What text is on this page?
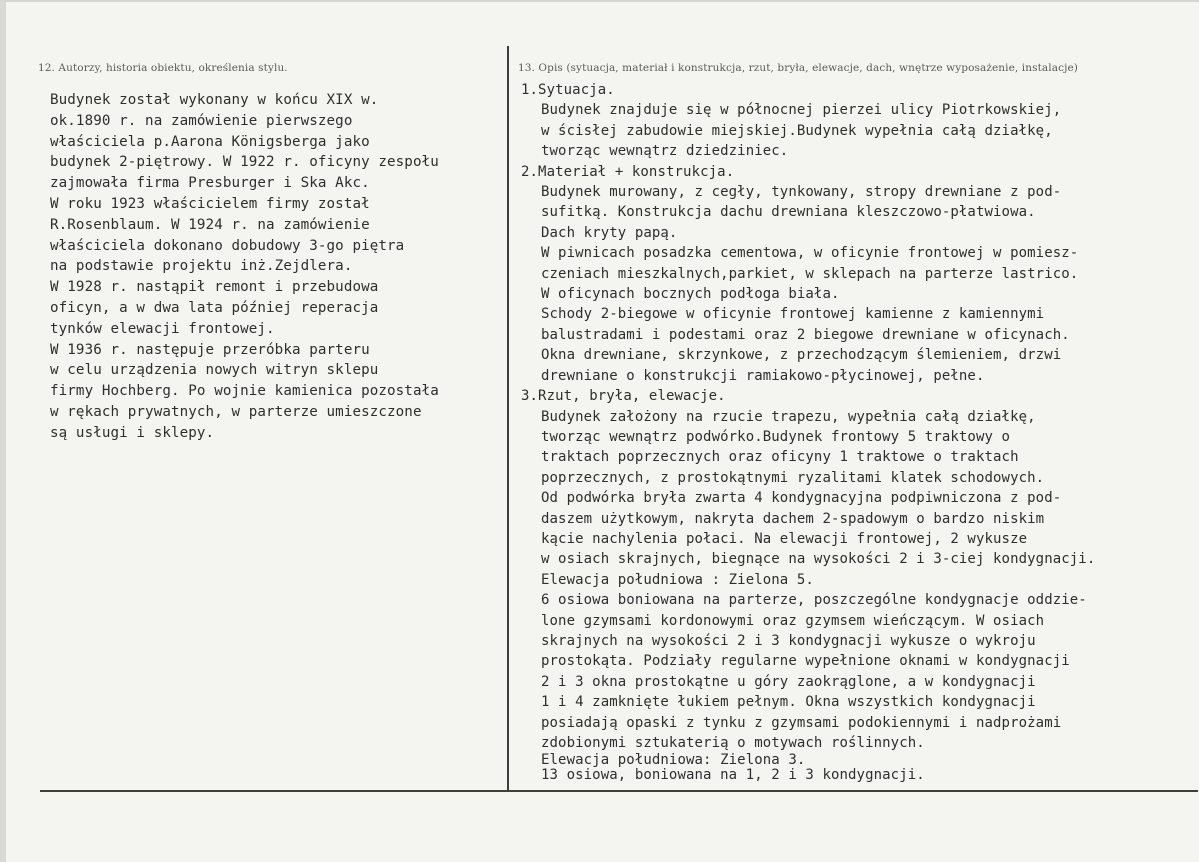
12. Autorzy, historia obiektu, określenia stylu.	13. Opis (sytuacja, materiał i konstrukcja, rzut, bryła, elewacje, dach, wnętrze wyposażenie, instalacje)
Budynek został wykonany w końcu XIX w.
ok.1890 r. na zamówienie pierwszego
właściciela p.Aarona Königsberga jako
budynek 2-piętrowy. W 1922 r. oficyny zespołu
zajmowała firma Presburger i Ska Akc.
W roku 1923 właścicielem firmy został
R.Rosenblaum. W 1924 r. na zamówienie
właściciela dokonano dobudowy 3-go piętra
na podstawie projektu inż.Zejdlera.
W 1928 r. nastąpił remont i przebudowa
oficyn, a w dwa lata później reperacja
tynków elewacji frontowej.
W 1936 r. następuje przeróbka parteru
w celu urządzenia nowych witryn sklepu
firmy Hochberg. Po wojnie kamienica pozostała
w rękach prywatnych, w parterze umieszczone
są usługi i sklepy.
1.Sytuacja.
Budynek znajduje się w północnej pierzei ulicy Piotrkowskiej,
w ścisłej zabudowie miejskiej.Budynek wypełnia całą działkę,
tworząc wewnątrz dziedziniec.
2.Materiał + konstrukcja.
Budynek murowany, z cegły, tynkowany, stropy drewniane z pod-
sufitką. Konstrukcja dachu drewniana kleszczowo-płatwiowa.
Dach kryty papą.
W piwnicach posadzka cementowa, w oficynie frontowej w pomiesz-
czeniach mieszkalnych,parkiet, w sklepach na parterze lastrico.
W oficynach bocznych podłoga biała.
Schody 2-biegowe w oficynie frontowej kamienne z kamiennymi
balustradami i podestami oraz 2 biegowe drewniane w oficynach.
Okna drewniane, skrzynkowe, z przechodzącym ślemieniem, drzwi
drewniane o konstrukcji ramiakowo-płycinowej, pełne.
3.Rzut, bryła, elewacje.
Budynek założony na rzucie trapezu, wypełnia całą działkę,
tworząc wewnątrz podwórko.Budynek frontowy 5 traktowy o
traktach poprzecznych oraz oficyny 1 traktowe o traktach
poprzecznych, z prostokątnymi ryzalitami klatek schodowych.
Od podwórka bryła zwarta 4 kondygnacyjna podpiwniczona z pod-
daszem użytkowym, nakryta dachem 2-spadowym o bardzo niskim
kącie nachylenia połaci. Na elewacji frontowej, 2 wykusze
w osiach skrajnych, biegnące na wysokości 2 i 3-ciej kondygnacji.
Elewacja południowa : Zielona 5.
6 osiowa boniowana na parterze, poszczególne kondygnacje oddzie-
lone gzymsami kordonowymi oraz gzymsem wieńczącym. W osiach
skrajnych na wysokości 2 i 3 kondygnacji wykusze o wykroju
prostokąta. Podziały regularne wypełnione oknami w kondygnacji
2 i 3 okna prostokątne u góry zaokrąglone, a w kondygnacji
1 i 4 zamknięte łukiem pełnym. Okna wszystkich kondygnacji
posiadają opaski z tynku z gzymsami podokiennymi i nadprożami
zdobionymi sztukaterią o motywach roślinnych.
Elewacja południowa: Zielona 3.
13 osiowa, boniowana na 1, 2 i 3 kondygnacji.
